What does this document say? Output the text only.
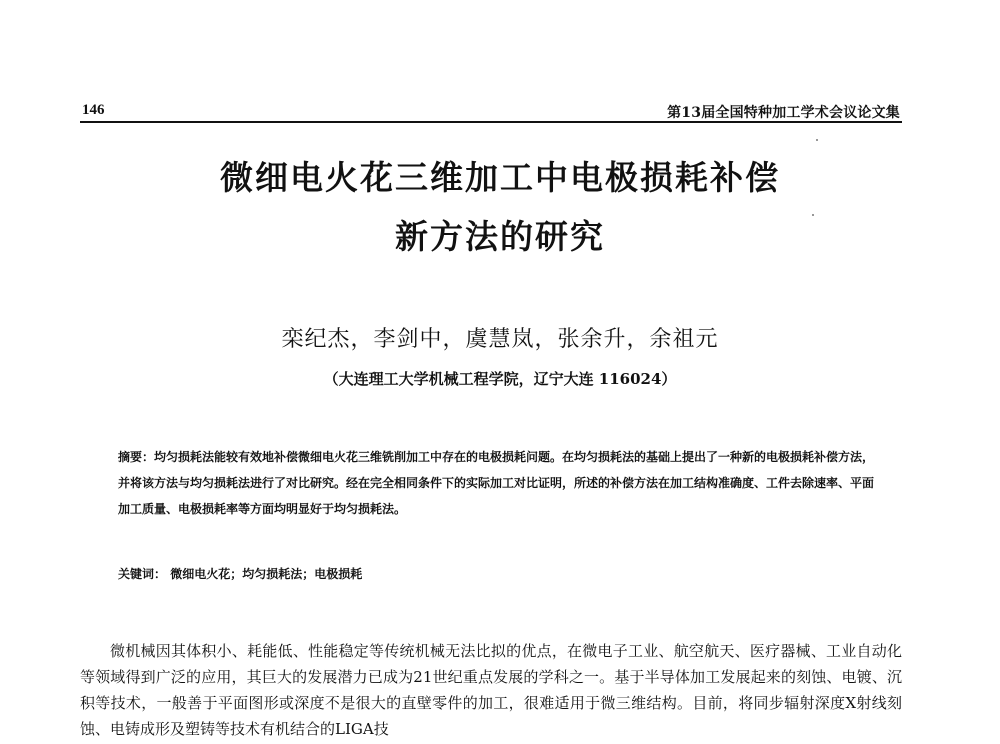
146	第13届全国特种加工学术会议论文集
微细电火花三维加工中电极损耗补偿
新方法的研究
栾纪杰，李剑中，虞慧岚，张余升，余祖元
（大连理工大学机械工程学院，辽宁大连 116024）

摘要：均匀损耗法能较有效地补偿微细电火花三维铣削加工中存在的电极损耗问题。在均匀损耗法的基础上提出了一种新的电极损耗补偿方法，并将该方法与均匀损耗法进行了对比研究。经在完全相同条件下的实际加工对比证明，所述的补偿方法在加工结构准确度、工件去除速率、平面加工质量、电极损耗率等方面均明显好于均匀损耗法。

关键词： 微细电火花；均匀损耗法；电极损耗

微机械因其体积小、耗能低、性能稳定等传统机械无法比拟的优点，在微电子工业、航空航天、医疗器械、工业自动化等领域得到广泛的应用，其巨大的发展潜力已成为21世纪重点发展的学科之一。基于半导体加工发展起来的刻蚀、电镀、沉积等技术，一般善于平面图形或深度不是很大的直壁零件的加工，很难适用于微三维结构。目前，将同步辐射深度X射线刻蚀、电铸成形及塑铸等技术有机结合的LIGA技
